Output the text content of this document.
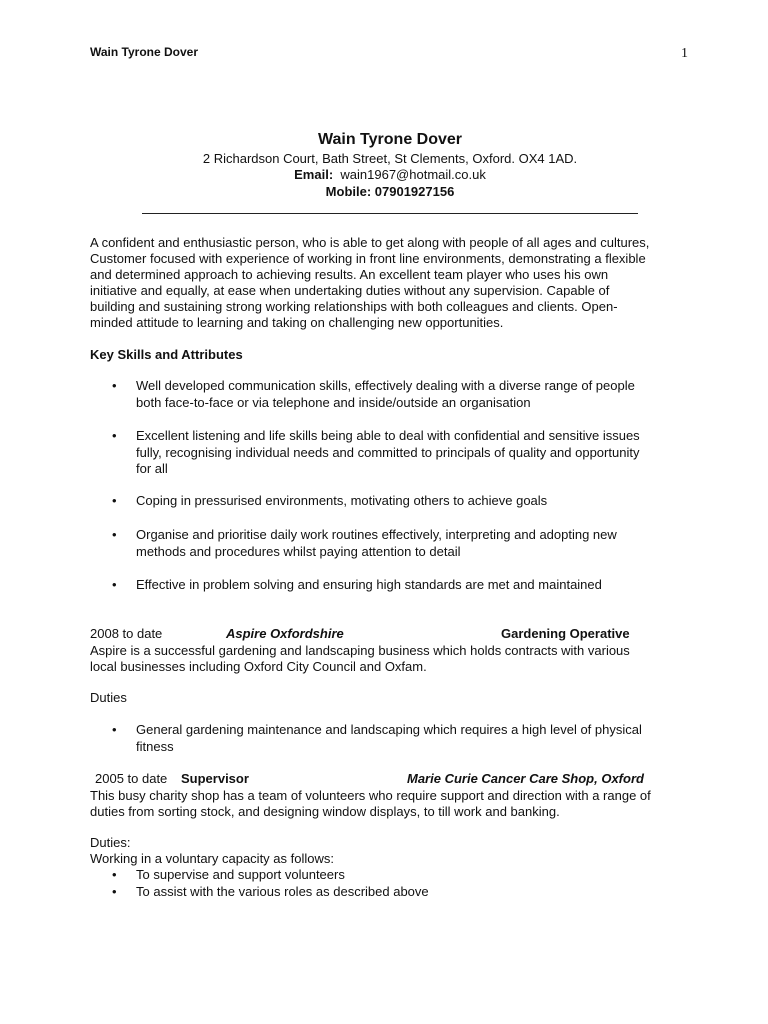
Wain Tyrone Dover	1
Wain Tyrone Dover
2 Richardson Court, Bath Street, St Clements, Oxford. OX4 1AD.
Email: wain1967@hotmail.co.uk
Mobile: 07901927156
A confident and enthusiastic person, who is able to get along with people of all ages and cultures,
Customer focused with experience of working in front line environments, demonstrating a flexible
and determined approach to achieving results. An excellent team player who uses his own
initiative and equally, at ease when undertaking duties without any supervision. Capable of
building and sustaining strong working relationships with both colleagues and clients. Open-
minded attitude to learning and taking on challenging new opportunities.
Key Skills and Attributes
•	Well developed communication skills, effectively dealing with a diverse range of people
both face-to-face or via telephone and inside/outside an organisation
•	Excellent listening and life skills being able to deal with confidential and sensitive issues
fully, recognising individual needs and committed to principals of quality and opportunity
for all
•	Coping in pressurised environments, motivating others to achieve goals
•	Organise and prioritise daily work routines effectively, interpreting and adopting new
methods and procedures whilst paying attention to detail
•	Effective in problem solving and ensuring high standards are met and maintained
2008 to date	Aspire Oxfordshire	Gardening Operative
Aspire is a successful gardening and landscaping business which holds contracts with various
local businesses including Oxford City Council and Oxfam.
Duties
•	General gardening maintenance and landscaping which requires a high level of physical
fitness
2005 to date Supervisor	Marie Curie Cancer Care Shop, Oxford
This busy charity shop has a team of volunteers who require support and direction with a range of
duties from sorting stock, and designing window displays, to till work and banking.
Duties:
Working in a voluntary capacity as follows:
•	To supervise and support volunteers
•	To assist with the various roles as described above
